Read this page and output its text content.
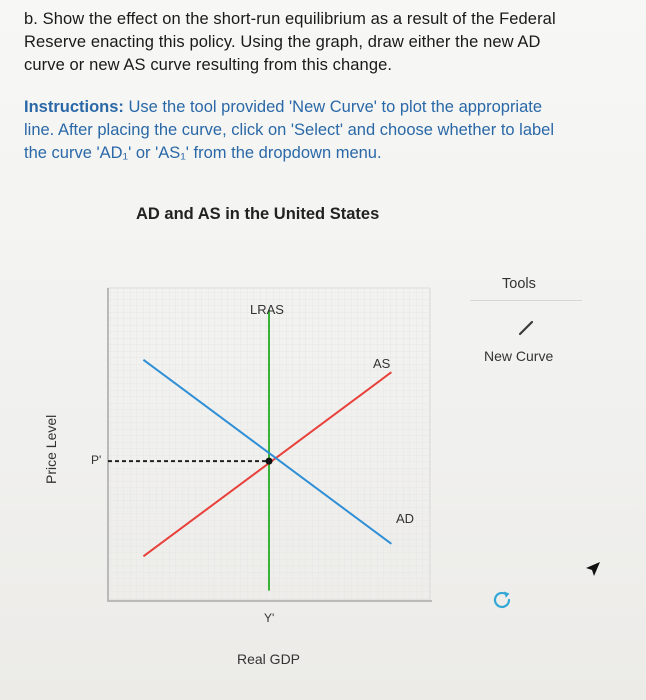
b. Show the effect on the short-run equilibrium as a result of the Federal
Reserve enacting this policy. Using the graph, draw either the new AD
curve or new AS curve resulting from this change.
Instructions: Use the tool provided 'New Curve' to plot the appropriate
line. After placing the curve, click on 'Select' and choose whether to label
the curve 'AD₁' or 'AS₁' from the dropdown menu.
AD and AS in the United States
LRAS
AS
AD
P'
Y'
Real GDP
Price Level
Tools
New Curve
